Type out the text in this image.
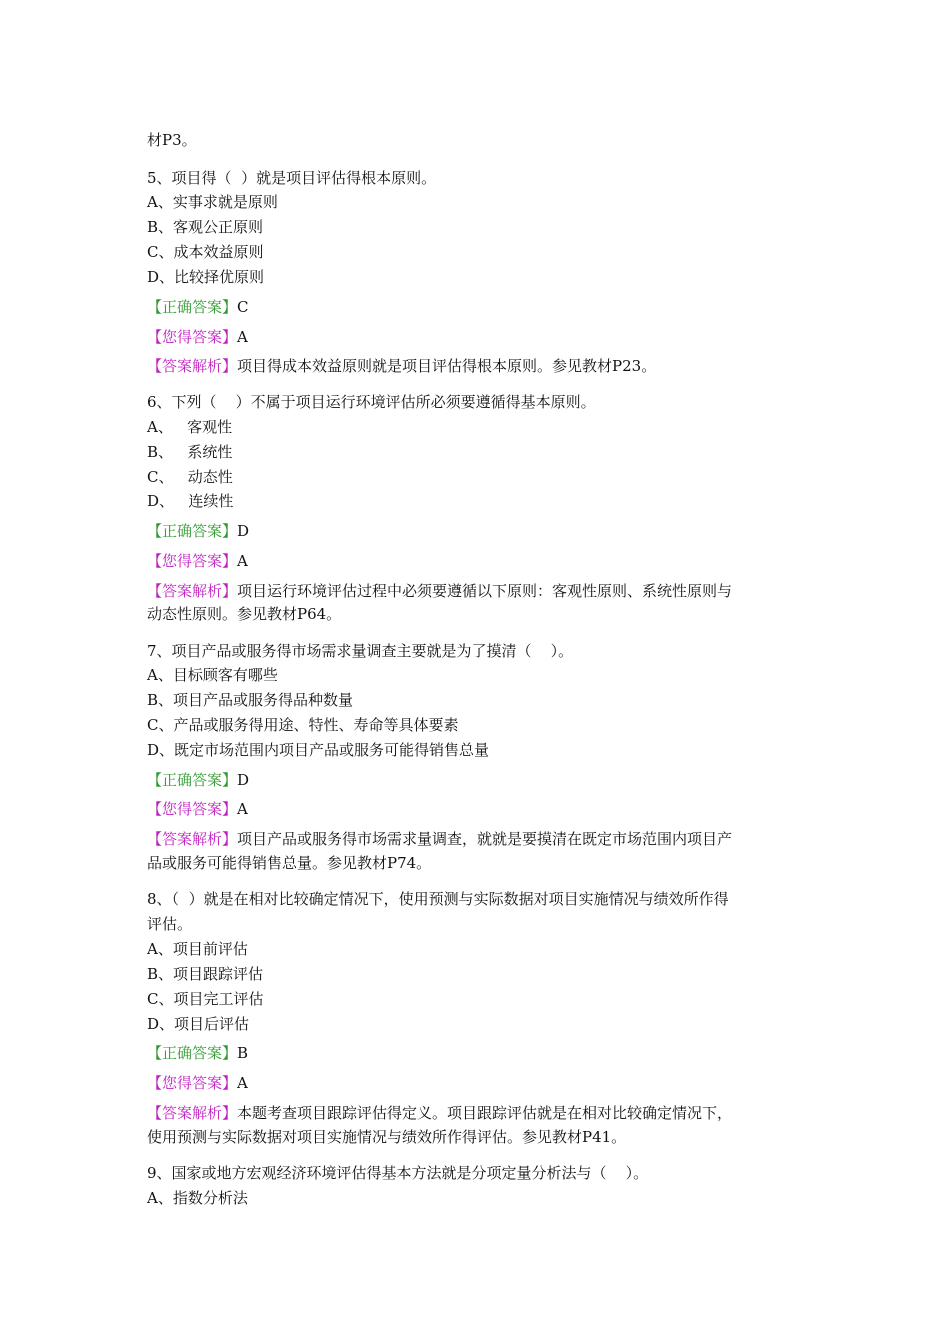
材P3。
5、项目得（  ）就是项目评估得根本原则。
A、实事求就是原则
B、客观公正原则
C、成本效益原则
D、比较择优原则
【正确答案】C
【您得答案】A
【答案解析】项目得成本效益原则就是项目评估得根本原则。参见教材P23。
6、下列（    ）不属于项目运行环境评估所必须要遵循得基本原则。
A、   客观性
B、   系统性
C、   动态性
D、   连续性
【正确答案】D
【您得答案】A
【答案解析】项目运行环境评估过程中必须要遵循以下原则：客观性原则、系统性原则与
动态性原则。参见教材P64。
7、项目产品或服务得市场需求量调查主要就是为了摸清（    ）。
A、目标顾客有哪些
B、项目产品或服务得品种数量
C、产品或服务得用途、特性、寿命等具体要素
D、既定市场范围内项目产品或服务可能得销售总量
【正确答案】D
【您得答案】A
【答案解析】项目产品或服务得市场需求量调查，就就是要摸清在既定市场范围内项目产
品或服务可能得销售总量。参见教材P74。
8、（  ）就是在相对比较确定情况下，使用预测与实际数据对项目实施情况与绩效所作得
评估。
A、项目前评估
B、项目跟踪评估
C、项目完工评估
D、项目后评估
【正确答案】B
【您得答案】A
【答案解析】本题考查项目跟踪评估得定义。项目跟踪评估就是在相对比较确定情况下，
使用预测与实际数据对项目实施情况与绩效所作得评估。参见教材P41。
9、国家或地方宏观经济环境评估得基本方法就是分项定量分析法与（    ）。
A、指数分析法
